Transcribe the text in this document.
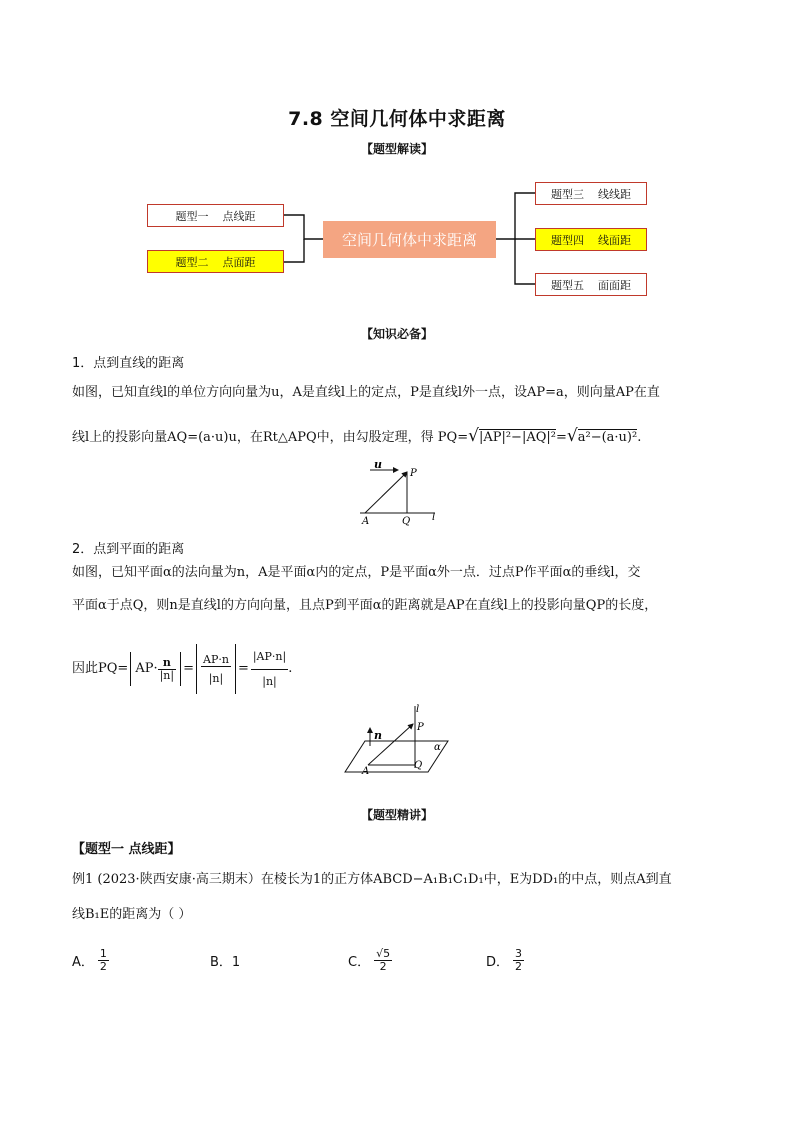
7.8 空间几何体中求距离
【题型解读】
题型一    点线距
题型二    点面距
空间几何体中求距离
题型三    线线距
题型四    线面距
题型五    面面距
【知识必备】
1．点到直线的距离
如图，已知直线l的单位方向向量为u，A是直线l上的定点，P是直线l外一点，设AP=a，则向量AP在直
线l上的投影向量AQ=(a·u)u，在Rt△APQ中，由勾股定理，得 PQ=√|AP|²−|AQ|²=√a²−(a·u)².
u
P
A	Q l
2．点到平面的距离
如图，已知平面α的法向量为n，A是平面α内的定点，P是平面α外一点．过点P作平面α的垂线l，交
平面α于点Q，则n是直线l的方向向量，且点P到平面α的距离就是AP在直线l上的投影向量QP的长度，
因此$PQ= AP\cdot \frac{n}{|n|} = \frac{AP\cdot n}{|n|} = \frac{|AP\cdot n|}{|n|}$ .
l
n
P
α
A
Q
【题型精讲】
【题型一 点线距】
例1 (2023·陕西安康·高三期末）在棱长为1的正方体ABCD−A₁B₁C₁D₁中，E为DD₁的中点，则点A到直
线B₁E的距离为（ ）
A． $\frac{1}{2}$	B．1	C． $\frac{√5}{2}$	D． $\frac{3}{2}$
